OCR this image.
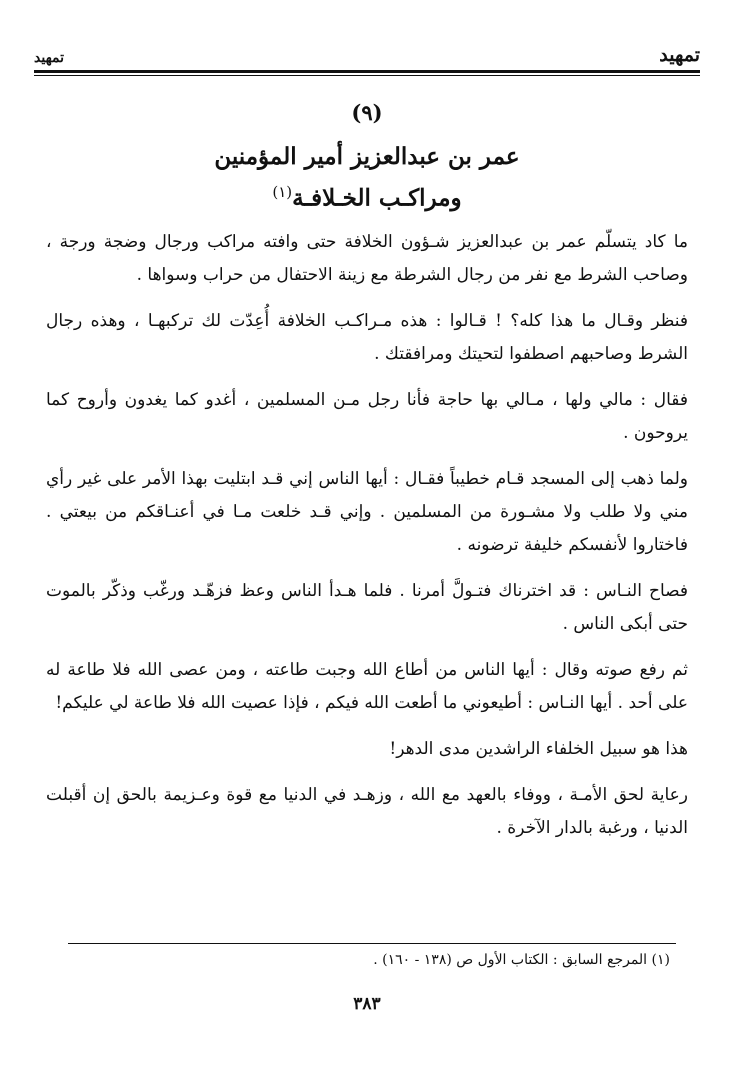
تمهيد	تمهيد
(٩)
عمر بن عبدالعزيز أمير المؤمنين
ومراكـب الخـلافـة$^{(١)}$

ما كاد يتسلّم عمر بن عبدالعزيز شـؤون الخلافة حتى وافته مراكب ورجال وضجة ورجة ، وصاحب الشرط مع نفر من رجال الشرطة مع زينة الاحتفال من حراب وسواها .

فنظر وقـال ما هذا كله؟ ! قـالوا : هذه مـراكـب الخلافة أُعِدّت لك تركبهـا ، وهذه رجال الشرط وصاحبهم اصطفوا لتحيتك ومرافقتك .

فقال : مالي ولها ، مـالي بها حاجة فأنا رجل مـن المسلمين ، أغدو كما يغدون وأروح كما يروحون .

ولما ذهب إلى المسجد قـام خطيباً فقـال : أيها الناس إني قـد ابتليت بهذا الأمر على غير رأي مني ولا طلب ولا مشـورة من المسلمين . وإني قـد خلعت مـا في أعنـاقكم من بيعتي . فاختاروا لأنفسكم خليفة ترضونه .

فصاح النـاس : قد اخترناك فتـولَّ أمرنا . فلما هـدأ الناس وعظ فزهّـد ورغّب وذكّر بالموت حتى أبكى الناس .

ثم رفع صوته وقال : أيها الناس من أطاع الله وجبت طاعته ، ومن عصى الله فلا طاعة له على أحد . أيها النـاس : أطيعوني ما أطعت الله فيكم ، فإذا عصيت الله فلا طاعة لي عليكم!

هذا هو سبيل الخلفاء الراشدين مدى الدهر!

رعاية لحق الأمـة ، ووفاء بالعهد مع الله ، وزهـد في الدنيا مع قوة وعـزيمة بالحق إن أقبلت الدنيا ، ورغبة بالدار الآخرة .

(١) المرجع السابق : الكتاب الأول ص (١٣٨ - ١٦٠) .
٣٨٣
